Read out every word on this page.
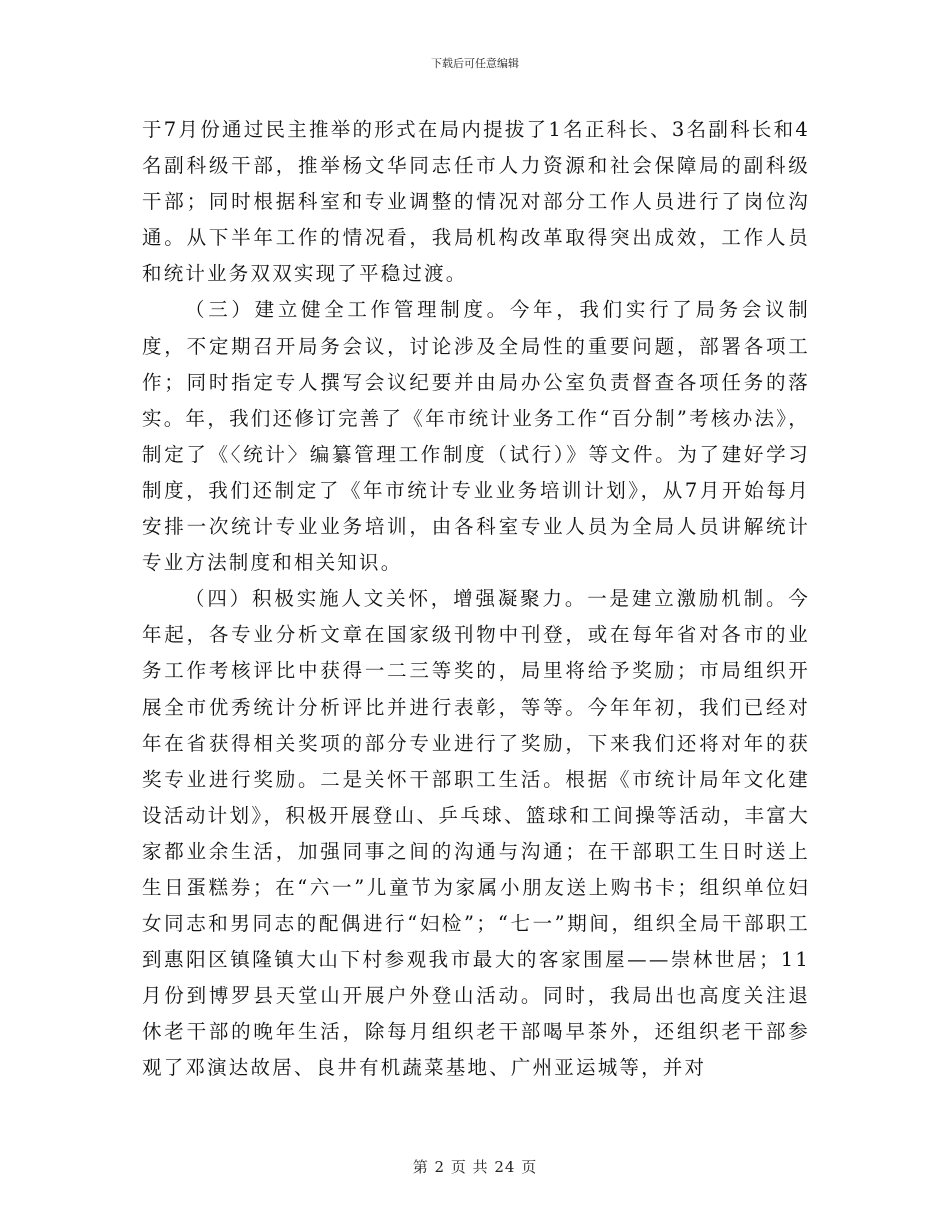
下载后可任意编辑

于7月份通过民主推举的形式在局内提拔了1名正科长、3名副科长和4名副科级干部，推举杨文华同志任市人力资源和社会保障局的副科级干部；同时根据科室和专业调整的情况对部分工作人员进行了岗位沟通。从下半年工作的情况看，我局机构改革取得突出成效，工作人员和统计业务双双实现了平稳过渡。

（三）建立健全工作管理制度。今年，我们实行了局务会议制度，不定期召开局务会议，讨论涉及全局性的重要问题，部署各项工作；同时指定专人撰写会议纪要并由局办公室负责督查各项任务的落实。年，我们还修订完善了《年市统计业务工作“百分制”考核办法》，制定了《〈统计〉编纂管理工作制度（试行）》等文件。为了建好学习制度，我们还制定了《年市统计专业业务培训计划》，从7月开始每月安排一次统计专业业务培训，由各科室专业人员为全局人员讲解统计专业方法制度和相关知识。

（四）积极实施人文关怀，增强凝聚力。一是建立激励机制。今年起，各专业分析文章在国家级刊物中刊登，或在每年省对各市的业务工作考核评比中获得一二三等奖的，局里将给予奖励；市局组织开展全市优秀统计分析评比并进行表彰，等等。今年年初，我们已经对年在省获得相关奖项的部分专业进行了奖励，下来我们还将对年的获奖专业进行奖励。二是关怀干部职工生活。根据《市统计局年文化建设活动计划》，积极开展登山、乒乓球、篮球和工间操等活动，丰富大家都业余生活，加强同事之间的沟通与沟通；在干部职工生日时送上生日蛋糕券；在“六一”儿童节为家属小朋友送上购书卡；组织单位妇女同志和男同志的配偶进行“妇检”；“七一”期间，组织全局干部职工到惠阳区镇隆镇大山下村参观我市最大的客家围屋——崇林世居；11月份到博罗县天堂山开展户外登山活动。同时，我局出也高度关注退休老干部的晚年生活，除每月组织老干部喝早茶外，还组织老干部参观了邓演达故居、良井有机蔬菜基地、广州亚运城等，并对

第 2 页 共 24 页
